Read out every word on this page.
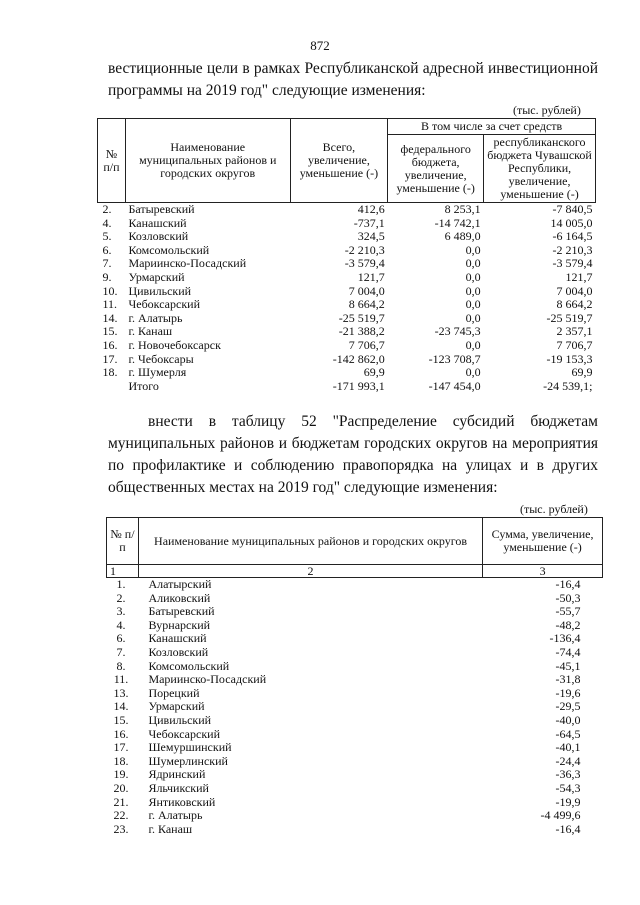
872

вестиционные цели в рамках Республиканской адресной инвестиционной программы на 2019 год" следующие изменения:

(тыс. рублей)
№ п/п	Наименование муниципальных районов и городских округов	Всего, увеличение, уменьшение (-)	В том числе за счет средств	
			федерального бюджета, увеличение, уменьшение (-)	республиканского бюджета Чувашской Республики, увеличение, уменьшение (-)
2.	Батыревский	412,6	8 253,1	-7 840,5
4.	Канашский	-737,1	-14 742,1	14 005,0
5.	Козловский	324,5	6 489,0	-6 164,5
6.	Комсомольский	-2 210,3	0,0	-2 210,3
7.	Мариинско-Посадский	-3 579,4	0,0	-3 579,4
9.	Урмарский	121,7	0,0	121,7
10.	Цивильский	7 004,0	0,0	7 004,0
11.	Чебоксарский	8 664,2	0,0	8 664,2
14.	г. Алатырь	-25 519,7	0,0	-25 519,7
15.	г. Канаш	-21 388,2	-23 745,3	2 357,1
16.	г. Новочебоксарск	7 706,7	0,0	7 706,7
17.	г. Чебоксары	-142 862,0	-123 708,7	-19 153,3
18.	г. Шумерля	69,9	0,0	69,9
	Итого	-171 993,1	-147 454,0	-24 539,1;

внести в таблицу 52 "Распределение субсидий бюджетам муниципальных районов и бюджетам городских округов на мероприятия по профилактике и соблюдению правопорядка на улицах и в других общественных местах на 2019 год" следующие изменения:

(тыс. рублей)
№ п/п	Наименование муниципальных районов и городских округов	Сумма, увеличение, уменьшение (-)
1	2	3
1.	Алатырский	-16,4
2.	Аликовский	-50,3
3.	Батыревский	-55,7
4.	Вурнарский	-48,2
6.	Канашский	-136,4
7.	Козловский	-74,4
8.	Комсомольский	-45,1
11.	Мариинско-Посадский	-31,8
13.	Порецкий	-19,6
14.	Урмарский	-29,5
15.	Цивильский	-40,0
16.	Чебоксарский	-64,5
17.	Шемуршинский	-40,1
18.	Шумерлинский	-24,4
19.	Ядринский	-36,3
20.	Яльчикский	-54,3
21.	Янтиковский	-19,9
22.	г. Алатырь	-4 499,6
23.	г. Канаш	-16,4
